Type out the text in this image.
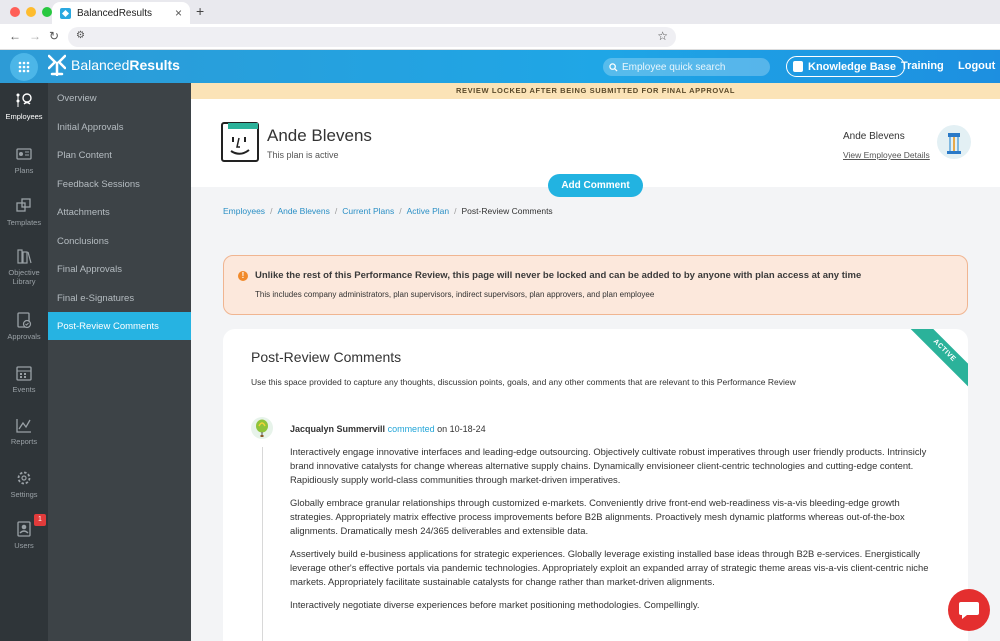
BalancedResults × +
← → ↻ ⚙	☆
Balanced Results
Employee quick search	Knowledge Base Training Logout
Employees
Plans
Templates
Objective
Library
Approvals
Events
Reports
Settings
1
Users
Overview
Initial Approvals
Plan Content
Feedback Sessions
Attachments
Conclusions
Final Approvals
Final e-Signatures
Post-Review Comments
REVIEW LOCKED AFTER BEING SUBMITTED FOR FINAL APPROVAL
Ande Blevens
This plan is active
Ande Blevens
View Employee Details
Add Comment
Employees / Ande Blevens / Current Plans / Active Plan / Post-Review Comments
!	Unlike the rest of this Performance Review, this page will never be locked and can be added to by anyone with plan access at any time
This includes company administrators, plan supervisors, indirect supervisors, plan approvers, and plan employee
ACTIVE
Post-Review Comments
Use this space provided to capture any thoughts, discussion points, goals, and any other comments that are relevant to this Performance Review
Jacqualyn Summervill commented on 10-18-24

Interactively engage innovative interfaces and leading-edge outsourcing. Objectively cultivate robust imperatives through user friendly products. Intrinsicly brand innovative catalysts for change whereas alternative supply chains. Dynamically envisioneer client-centric technologies and cutting-edge content. Rapidiously supply world-class communities through market-driven imperatives.

Globally embrace granular relationships through customized e-markets. Conveniently drive front-end web-readiness vis-a-vis bleeding-edge growth strategies. Appropriately matrix effective process improvements before B2B alignments. Proactively mesh dynamic platforms whereas out-of-the-box alignments. Dramatically mesh 24/365 deliverables and extensible data.

Assertively build e-business applications for strategic experiences. Globally leverage existing installed base ideas through B2B e-services. Energistically leverage other's effective portals via pandemic technologies. Appropriately exploit an expanded array of strategic theme areas vis-a-vis client-centric niche markets. Appropriately facilitate sustainable catalysts for change rather than market-driven alignments.

Interactively negotiate diverse experiences before market positioning methodologies. Compellingly.
